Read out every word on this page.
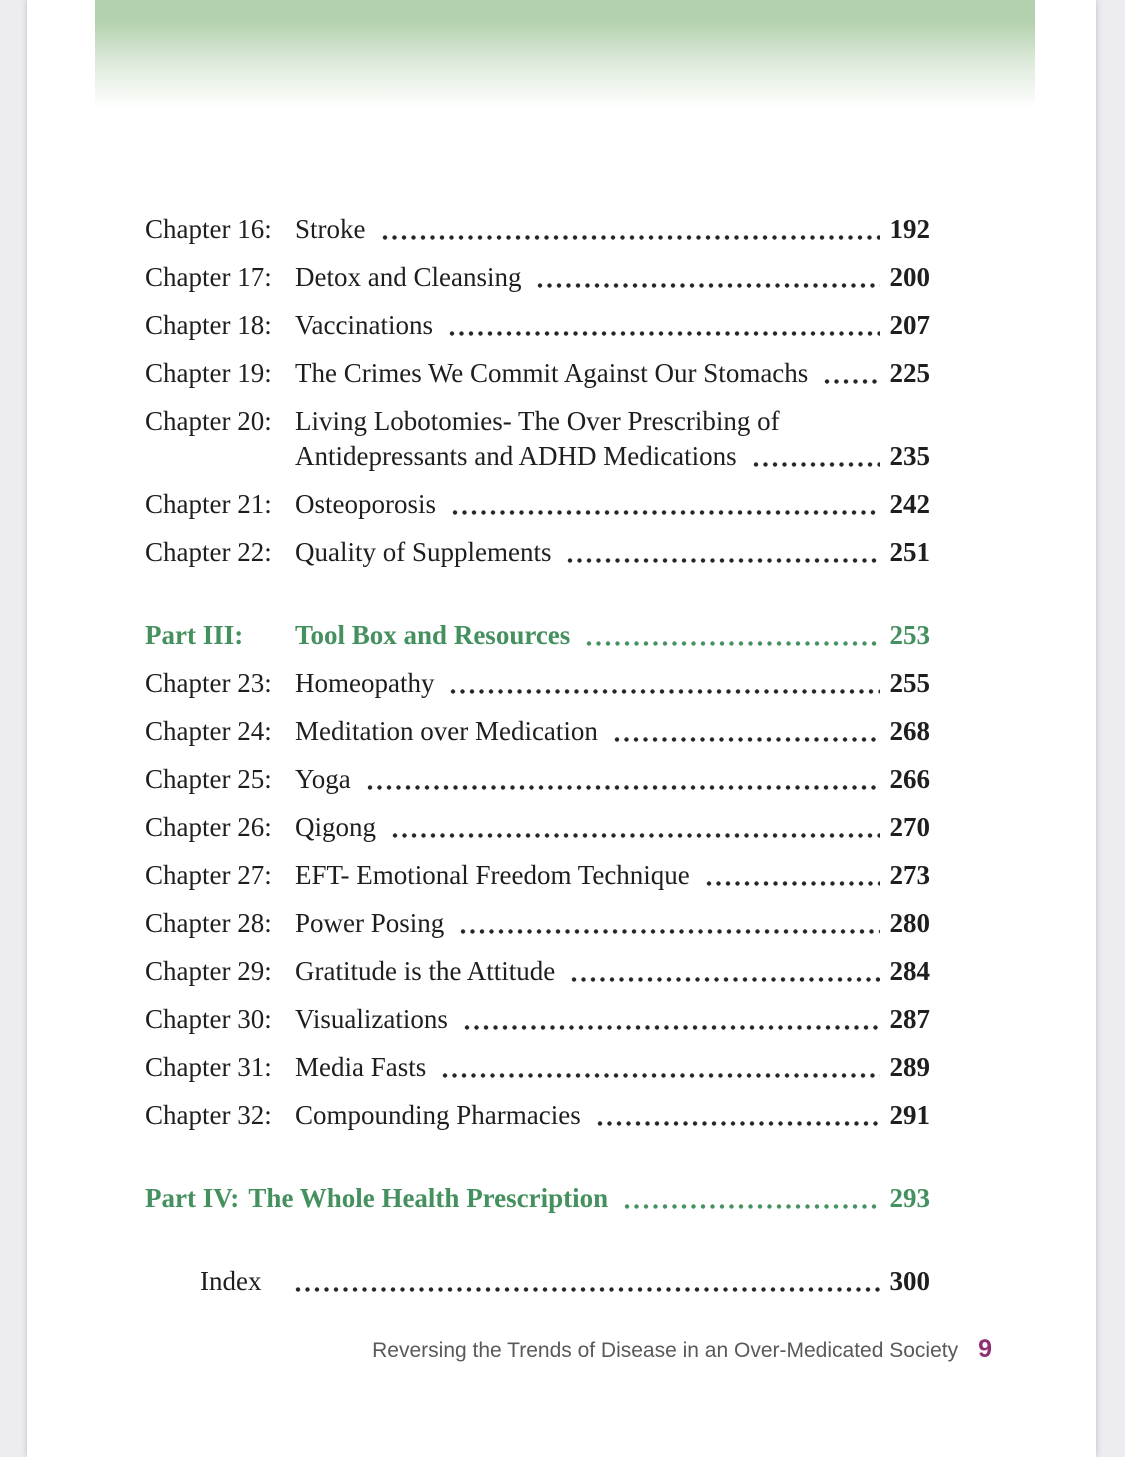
Chapter 16: Stroke	192
Chapter 17: Detox and Cleansing	200
Chapter 18: Vaccinations	207
Chapter 19: The Crimes We Commit Against Our Stomachs	225
Chapter 20: Living Lobotomies- The Over Prescribing of
Antidepressants and ADHD Medications	235
Chapter 21: Osteoporosis	242
Chapter 22: Quality of Supplements	251
Part III:	Tool Box and Resources	253
Chapter 23: Homeopathy	255
Chapter 24: Meditation over Medication	268
Chapter 25: Yoga	266
Chapter 26: Qigong	270
Chapter 27: EFT- Emotional Freedom Technique	273
Chapter 28: Power Posing	280
Chapter 29: Gratitude is the Attitude	284
Chapter 30: Visualizations	287
Chapter 31: Media Fasts	289
Chapter 32: Compounding Pharmacies	291
Part IV: The Whole Health Prescription	293
Index	300
Reversing the Trends of Disease in an Over-Medicated Society 9
